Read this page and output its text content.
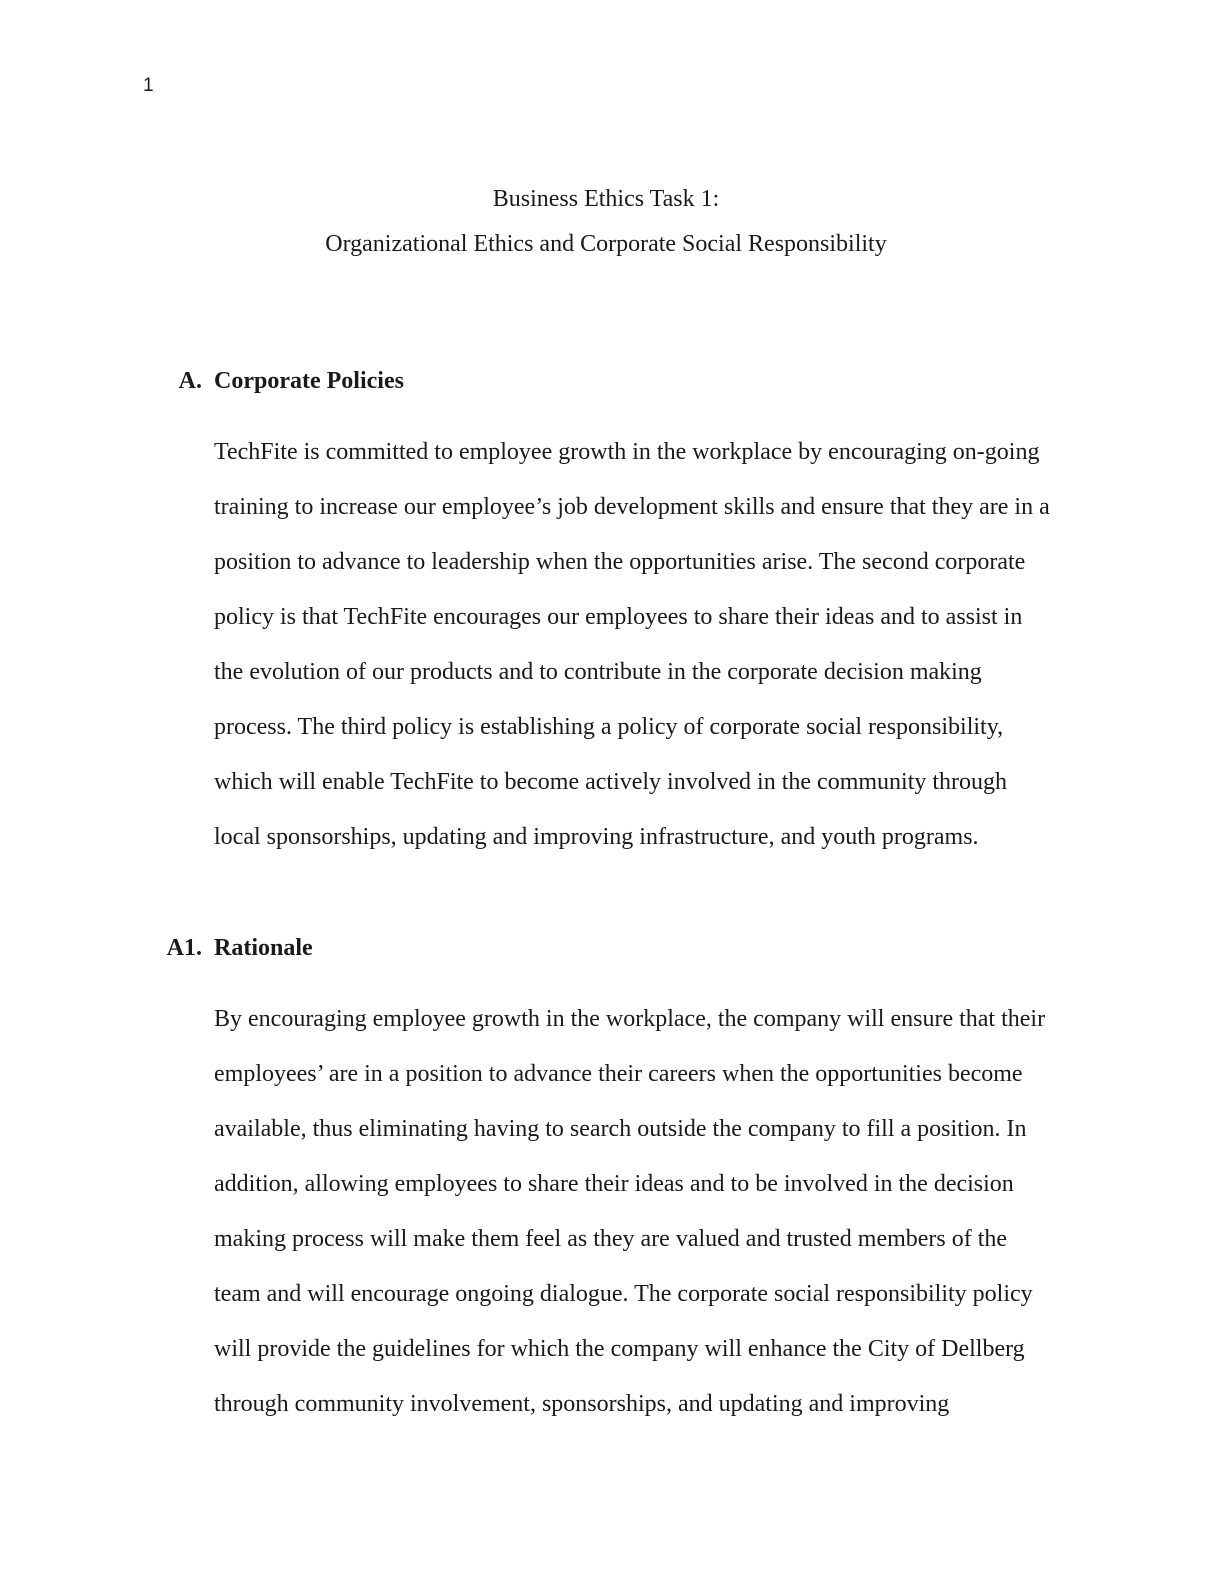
1
Business Ethics Task 1:
Organizational Ethics and Corporate Social Responsibility
A. Corporate Policies
TechFite is committed to employee growth in the workplace by encouraging on-going
training to increase our employee’s job development skills and ensure that they are in a
position to advance to leadership when the opportunities arise. The second corporate
policy is that TechFite encourages our employees to share their ideas and to assist in
the evolution of our products and to contribute in the corporate decision making
process. The third policy is establishing a policy of corporate social responsibility,
which will enable TechFite to become actively involved in the community through
local sponsorships, updating and improving infrastructure, and youth programs.
A1. Rationale
By encouraging employee growth in the workplace, the company will ensure that their
employees’ are in a position to advance their careers when the opportunities become
available, thus eliminating having to search outside the company to fill a position. In
addition, allowing employees to share their ideas and to be involved in the decision
making process will make them feel as they are valued and trusted members of the
team and will encourage ongoing dialogue. The corporate social responsibility policy
will provide the guidelines for which the company will enhance the City of Dellberg
through community involvement, sponsorships, and updating and improving
